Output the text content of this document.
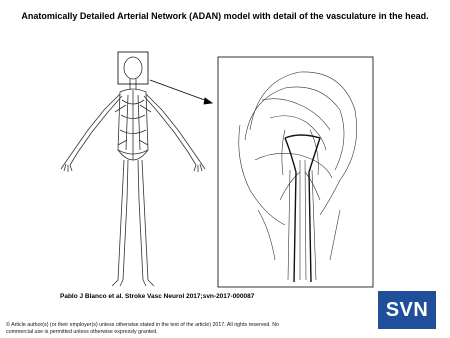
Anatomically Detailed Arterial Network (ADAN) model with detail of the vasculature in the head.
Pablo J Blanco et al. Stroke Vasc Neurol 2017;svn-2017-000087
© Article author(s) (or their employer(s) unless otherwise stated in the text of the article) 2017. All rights reserved. No commercial use is permitted unless otherwise expressly granted.
SVN
